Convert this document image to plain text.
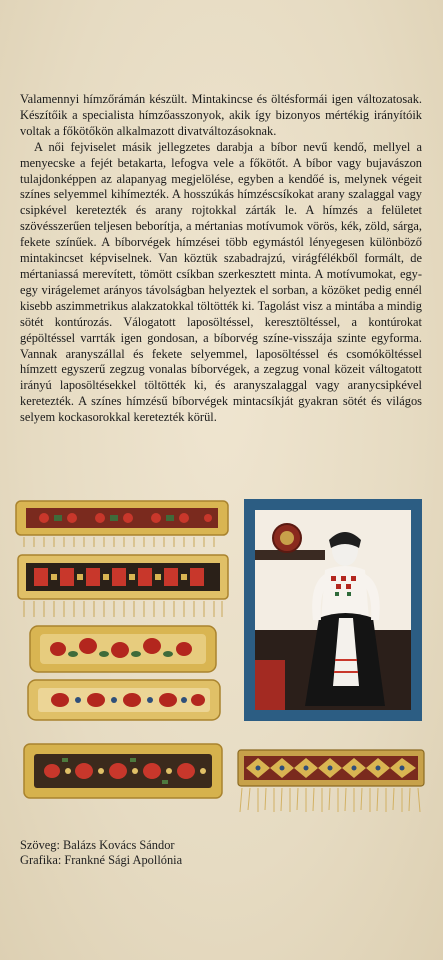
Valamennyi hímzőrámán készült. Mintakincse és öltésformái igen változatosak. Készítőik a specialista hímzőasszonyok, akik így bizonyos mértékig irányítóik voltak a főkötőkön alkalmazott divatváltozásoknak.

A női fejviselet másik jellegzetes darabja a bíbor nevű kendő, mellyel a menyecske a fejét betakarta, lefogva vele a főkötőt. A bíbor vagy bujavászon tulajdonképpen az alapanyag megjelölése, egyben a kendőé is, melynek végeit színes selyemmel kihímezték. A hosszúkás hímzéscsíkokat arany szalaggal vagy csipkével keretezték és arany rojtokkal zárták le. A hímzés a felületet szövésszerűen teljesen beborítja, a mértanias motívumok vörös, kék, zöld, sárga, fekete színűek. A bíborvégek hímzései több egymástól lényegesen különböző mintakincset képviselnek. Van köztük szabadrajzú, virágfélékből formált, de mértaniassá merevített, tömött csíkban szerkesztett minta. A motívumokat, egy-egy virágelemet arányos távolságban helyeztek el sorban, a közöket pedig ennél kisebb aszimmetrikus alakzatokkal töltötték ki. Tagolást visz a mintába a mindig sötét kontúrozás. Válogatott laposöltéssel, keresztöltéssel, a kontúrokat gépöltéssel varrták igen gondosan, a bíborvég színe-visszája szinte egyforma. Vannak aranyszállal és fekete selyemmel, laposöltéssel és csomóköltéssel hímzett egyszerű zegzug vonalas bíborvégek, a zegzug vonal közeit váltogatott irányú laposöltésekkel töltötték ki, és aranyszalaggal vagy aranycsipkével keretezték. A színes hímzésű bíborvégek mintacsíkját gyakran sötét és világos selyem kockasorokkal keretezték körül.

Szöveg: Balázs Kovács Sándor
Grafika: Frankné Sági Apollónia
